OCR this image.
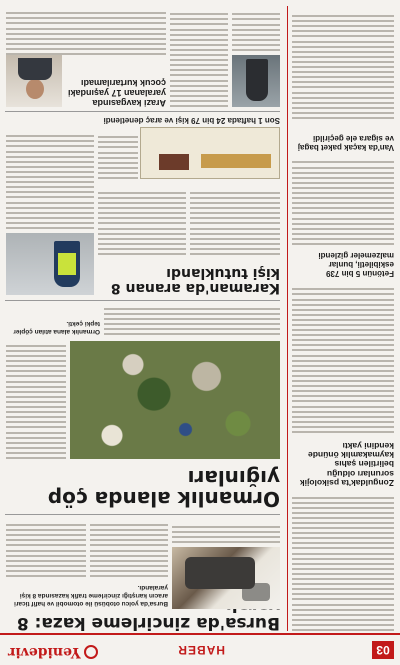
03
HABER
Yenidevir
Bursa'da zincirleme kaza: 8
Bursa'da yolcu otobüsü ile otomobil ve hafif ticari aracın karıştığı zincirleme trafik kazasında 8 kişi yaralandı.
Zonguldak'ta psikolojik sorunları olduğu belirtilen şahıs kaymakamlık önünde kendini yaktı
Fetönün 5 bin 739 eskibiletli, bunlar malzemeler gizlendi
Van'da kaçak paket bagaj ve sigara ele geçirildi
Ormanlık alanda çöp yığınları
Ormanlık alana atılan çöpler tepki çekti.
Karaman'da aranan 8 kişi tutuklandı
Son 1 haftada 24 bin 79 kişi ve araç denetlendi
Arazi kavgasında yaralanan 17 yaşındaki çocuk kurtarılamadı
